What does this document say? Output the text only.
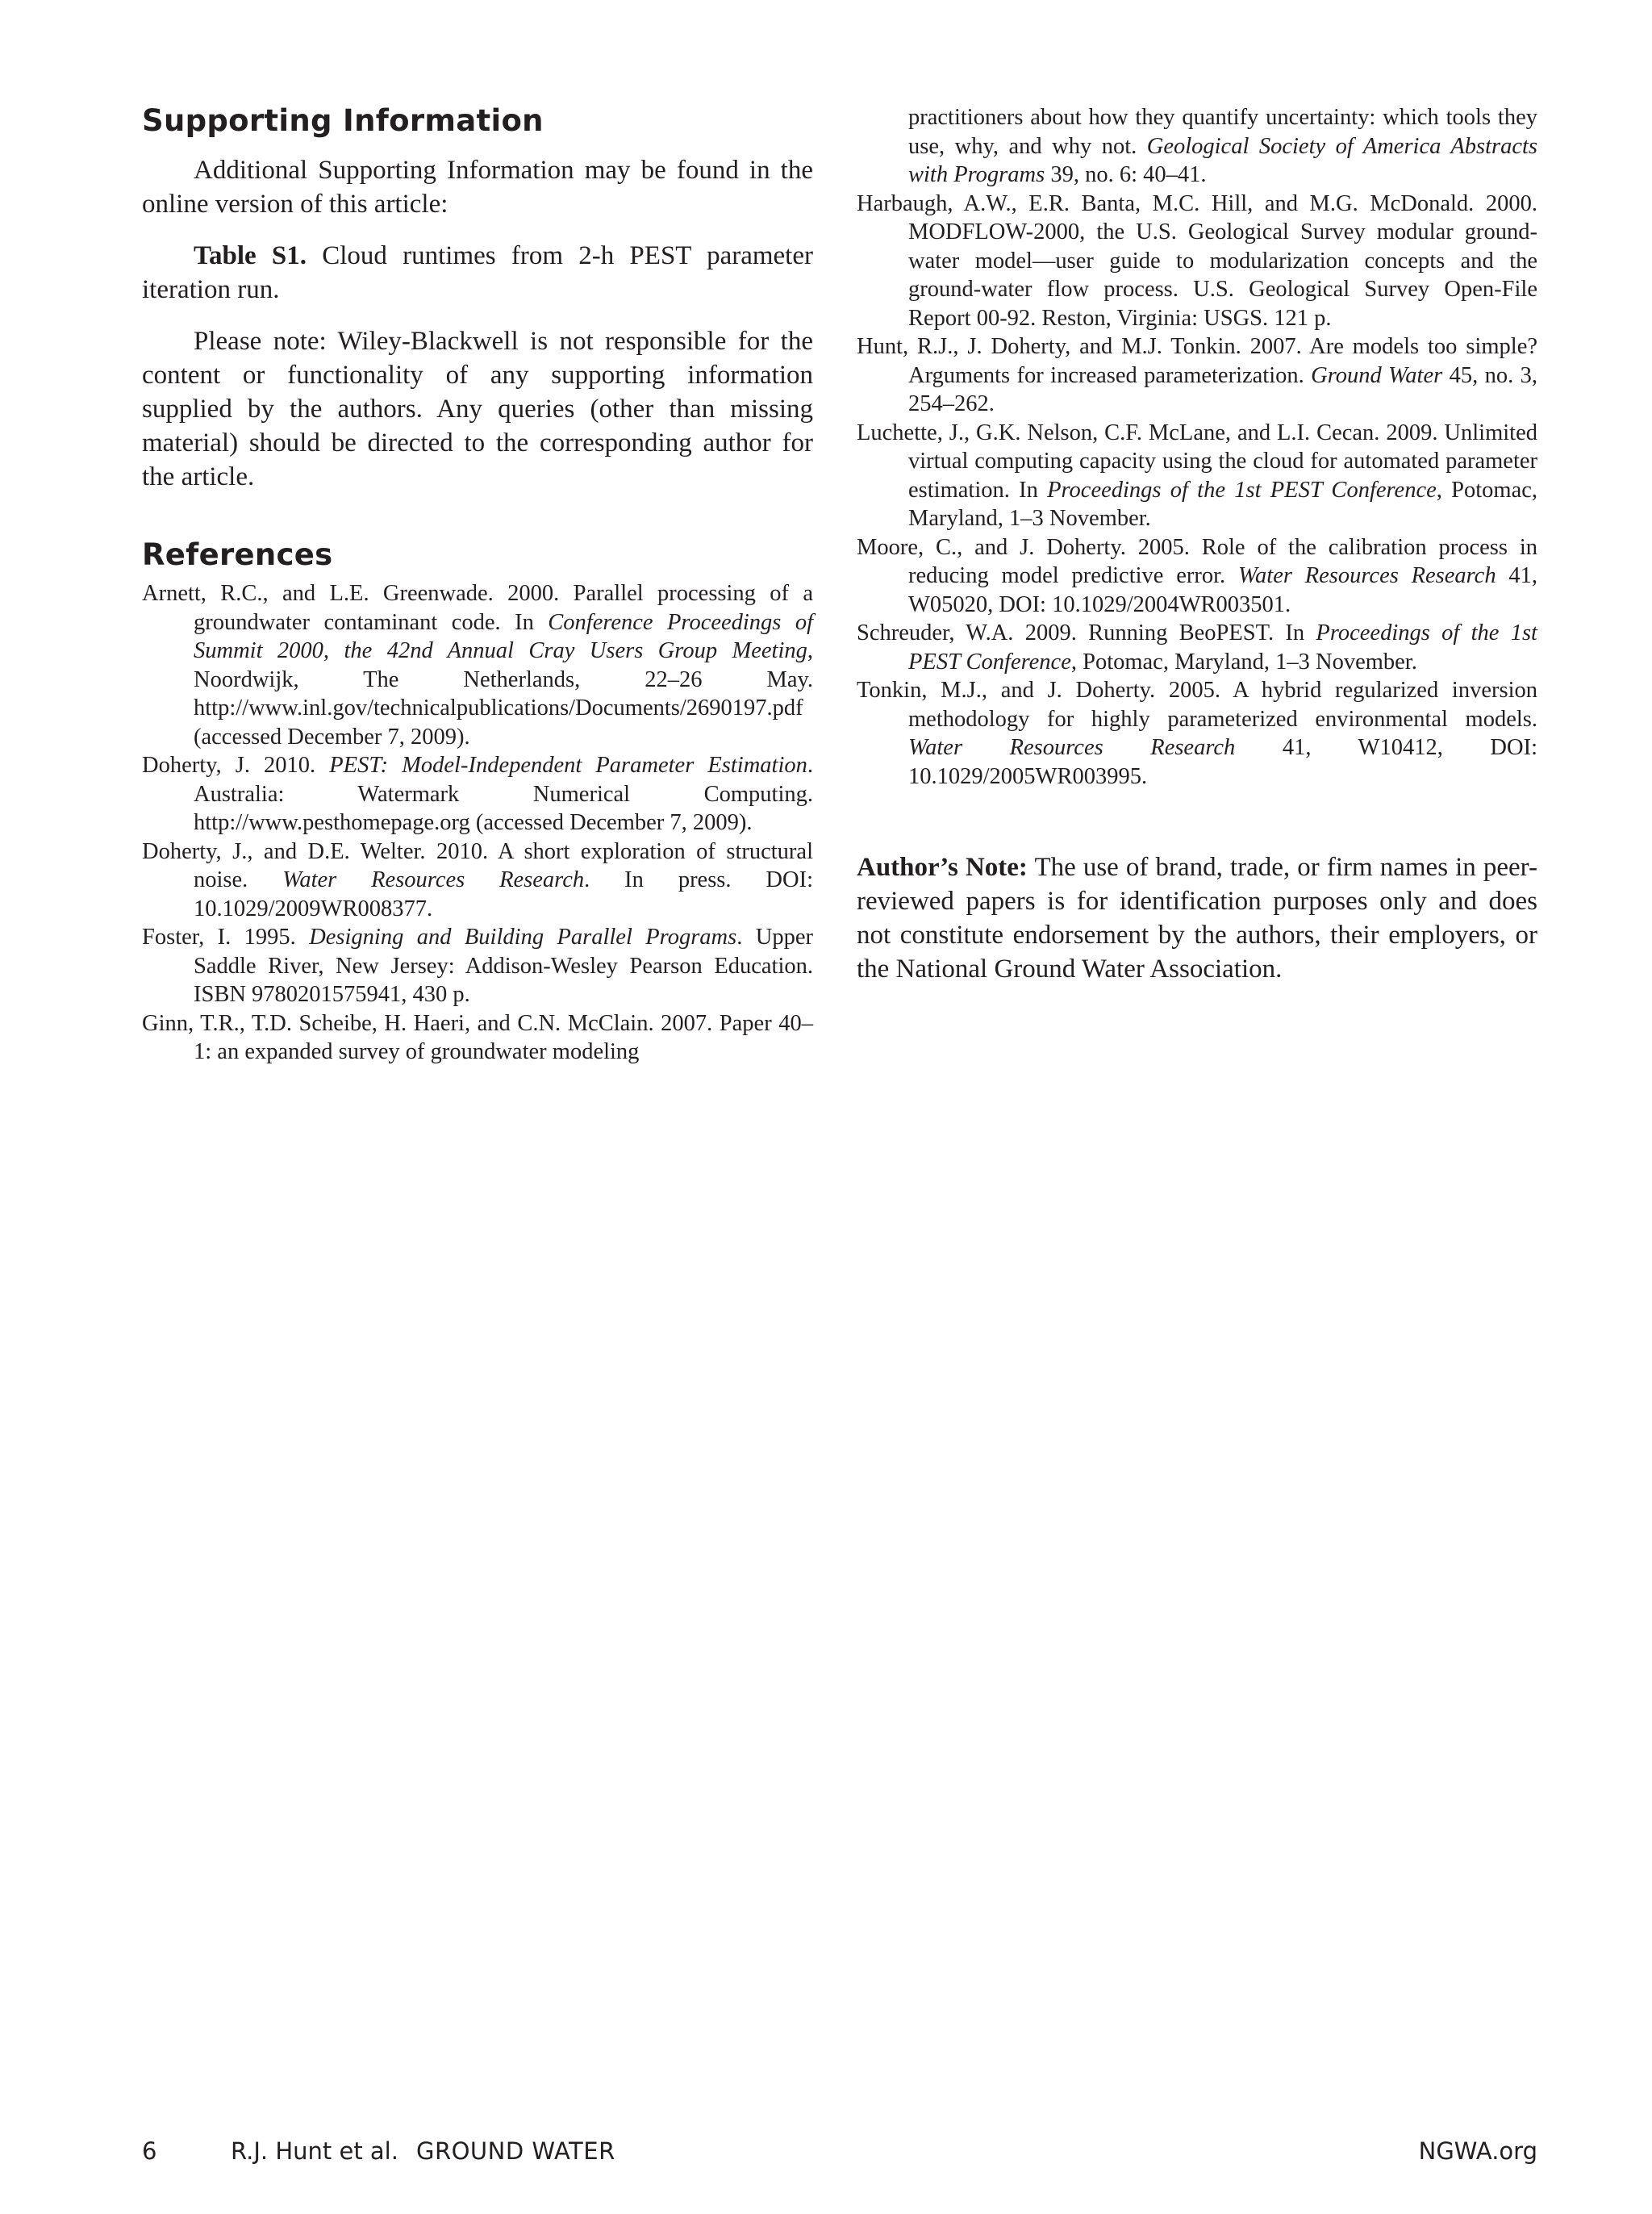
Supporting Information

Additional Supporting Information may be found in the online version of this article:

Table S1. Cloud runtimes from 2-h PEST parameter iteration run.

Please note: Wiley-Blackwell is not responsible for the content or functionality of any supporting information supplied by the authors. Any queries (other than missing material) should be directed to the corresponding author for the article.

References

Arnett, R.C., and L.E. Greenwade. 2000. Parallel processing of a groundwater contaminant code. In Conference Proceedings of Summit 2000, the 42nd Annual Cray Users Group Meeting, Noordwijk, The Netherlands, 22–26 May. http://www.inl.gov/technicalpublications/Documents/2690197.pdf (accessed December 7, 2009).

Doherty, J. 2010. PEST: Model-Independent Parameter Estimation. Australia: Watermark Numerical Computing. http://www.pesthomepage.org (accessed December 7, 2009).

Doherty, J., and D.E. Welter. 2010. A short exploration of structural noise. Water Resources Research. In press. DOI: 10.1029/2009WR008377.

Foster, I. 1995. Designing and Building Parallel Programs. Upper Saddle River, New Jersey: Addison-Wesley Pearson Education. ISBN 9780201575941, 430 p.

Ginn, T.R., T.D. Scheibe, H. Haeri, and C.N. McClain. 2007. Paper 40–1: an expanded survey of groundwater modeling

practitioners about how they quantify uncertainty: which tools they use, why, and why not. Geological Society of America Abstracts with Programs 39, no. 6: 40–41.

Harbaugh, A.W., E.R. Banta, M.C. Hill, and M.G. McDonald. 2000. MODFLOW-2000, the U.S. Geological Survey modular ground-water model—user guide to modularization concepts and the ground-water flow process. U.S. Geological Survey Open-File Report 00-92. Reston, Virginia: USGS. 121 p.

Hunt, R.J., J. Doherty, and M.J. Tonkin. 2007. Are models too simple? Arguments for increased parameterization. Ground Water 45, no. 3, 254–262.

Luchette, J., G.K. Nelson, C.F. McLane, and L.I. Cecan. 2009. Unlimited virtual computing capacity using the cloud for automated parameter estimation. In Proceedings of the 1st PEST Conference, Potomac, Maryland, 1–3 November.

Moore, C., and J. Doherty. 2005. Role of the calibration process in reducing model predictive error. Water Resources Research 41, W05020, DOI: 10.1029/2004WR003501.

Schreuder, W.A. 2009. Running BeoPEST. In Proceedings of the 1st PEST Conference, Potomac, Maryland, 1–3 November.

Tonkin, M.J., and J. Doherty. 2005. A hybrid regularized inversion methodology for highly parameterized environmental models. Water Resources Research 41, W10412, DOI: 10.1029/2005WR003995.

Author’s Note: The use of brand, trade, or firm names in peer-reviewed papers is for identification purposes only and does not constitute endorsement by the authors, their employers, or the National Ground Water Association.

6	R.J. Hunt et al. GROUND WATER	NGWA.org
